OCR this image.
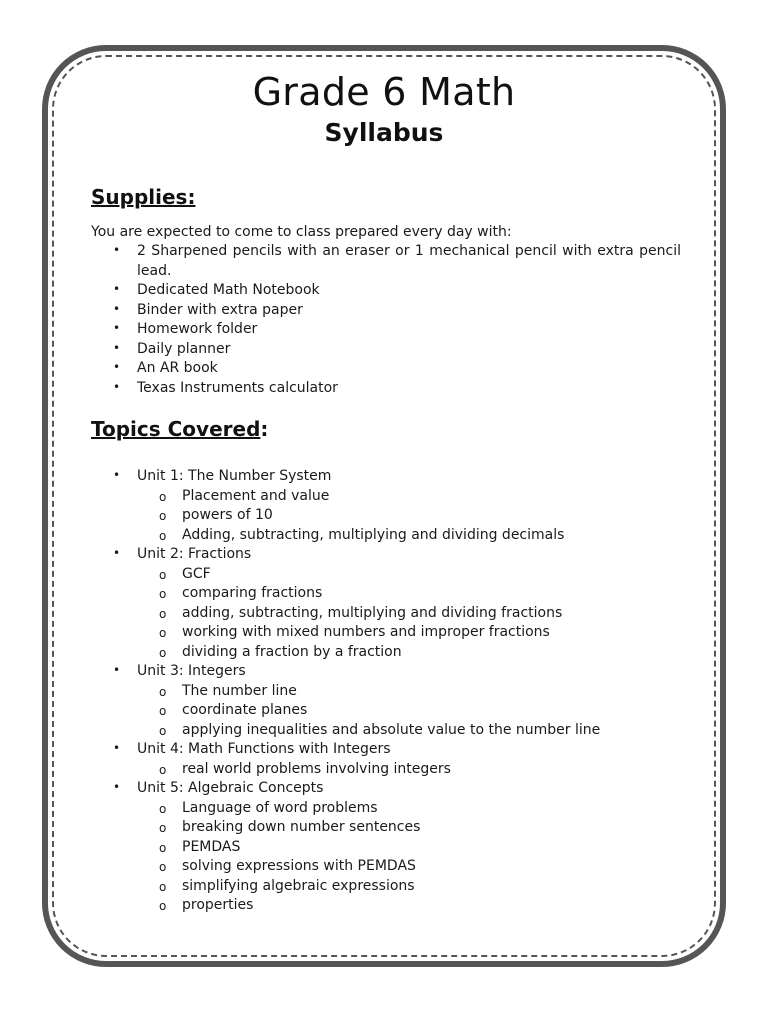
Grade 6 Math
Syllabus
Supplies:
You are expected to come to class prepared every day with:
• 2 Sharpened pencils with an eraser or 1 mechanical pencil with extra pencil lead.
• Dedicated Math Notebook
• Binder with extra paper
• Homework folder
• Daily planner
• An AR book
• Texas Instruments calculator
Topics Covered:
• Unit 1: The Number System
o Placement and value
o powers of 10
o Adding, subtracting, multiplying and dividing decimals
• Unit 2: Fractions
o GCF
o comparing fractions
o adding, subtracting, multiplying and dividing fractions
o working with mixed numbers and improper fractions
o dividing a fraction by a fraction
• Unit 3: Integers
o The number line
o coordinate planes
o applying inequalities and absolute value to the number line
• Unit 4: Math Functions with Integers
o real world problems involving integers
• Unit 5: Algebraic Concepts
o Language of word problems
o breaking down number sentences
o PEMDAS
o solving expressions with PEMDAS
o simplifying algebraic expressions
o properties
